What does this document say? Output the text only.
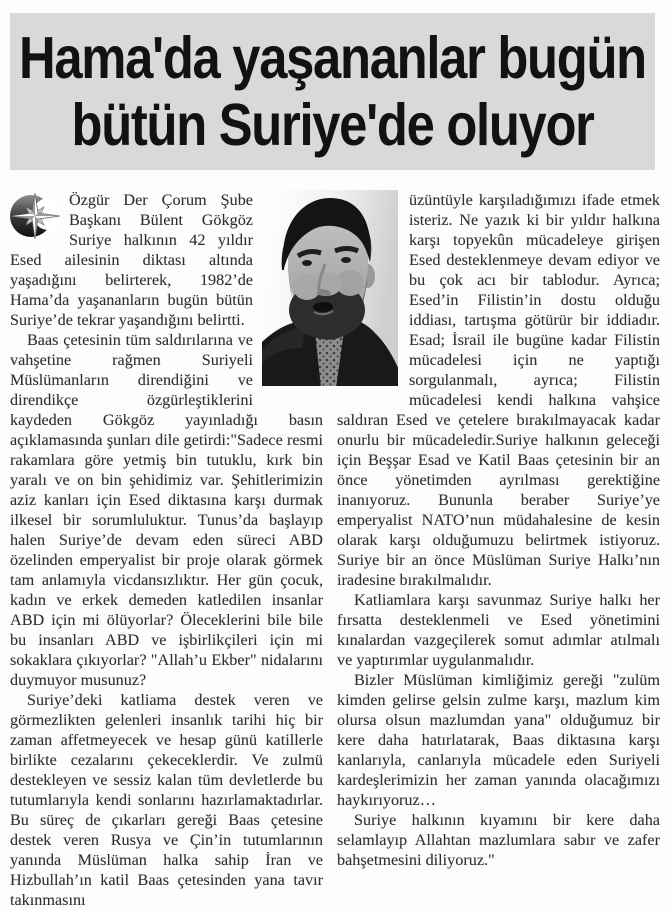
Hama'da yaşananlar bugün
bütün Suriye'de oluyor
Özgür Der Çorum Şube Başkanı Bülent Gökgöz Suriye halkının 42 yıldır Esed ailesinin diktası altında yaşadığını belirterek, 1982’de Hama’da yaşananların bugün bütün Suriye’de tekrar yaşandığını belirtti.
Baas çetesinin tüm saldırılarına ve vahşetine rağmen Suriyeli Müslümanların direndiğini ve direndikçe özgürleştiklerini kaydeden Gökgöz yayınladığı basın açıklamasında şunları dile getirdi:"Sadece resmi rakamlara göre yetmiş bin tutuklu, kırk bin yaralı ve on bin şehidimiz var. Şehitlerimizin aziz kanları için Esed diktasına karşı durmak ilkesel bir sorumluluktur. Tunus’da başlayıp halen Suriye’de devam eden süreci ABD özelinden emperyalist bir proje olarak görmek tam anlamıyla vicdansızlıktır. Her gün çocuk, kadın ve erkek demeden katledilen insanlar ABD için mi ölüyorlar? Öleceklerini bile bile bu insanları ABD ve işbirlikçileri için mi sokaklara çıkıyorlar? "Allah’u Ekber" nidalarını duymuyor musunuz?
Suriye’deki katliama destek veren ve görmezlikten gelenleri insanlık tarihi hiç bir zaman affetmeyecek ve hesap günü katillerle birlikte cezalarını çekeceklerdir. Ve zulmü destekleyen ve sessiz kalan tüm devletlerde bu tutumlarıyla kendi sonlarını hazırlamaktadırlar. Bu süreç de çıkarları gereği Baas çetesine destek veren Rusya ve Çin’in tutumlarının yanında Müslüman halka sahip İran ve Hizbullah’ın katil Baas çetesinden yana tavır takınmasını
üzüntüyle karşıladığımızı ifade etmek isteriz. Ne yazık ki bir yıldır halkına karşı topyekûn mücadeleye girişen Esed desteklenmeye devam ediyor ve bu çok acı bir tablodur. Ayrıca; Esed’in Filistin’in dostu olduğu iddiası, tartışma götürür bir iddiadır. Esad; İsrail ile bugüne kadar Filistin mücadelesi için ne yaptığı sorgulanmalı, ayrıca; Filistin mücadelesi kendi halkına vahşice saldıran Esed ve çetelere bırakılmayacak kadar onurlu bir mücadeledir.Suriye halkının geleceği için Beşşar Esad ve Katil Baas çetesinin bir an önce yönetimden ayrılması gerektiğine inanıyoruz. Bununla beraber Suriye’ye emperyalist NATO’nun müdahalesine de kesin olarak karşı olduğumuzu belirtmek istiyoruz. Suriye bir an önce Müslüman Suriye Halkı’nın iradesine bırakılmalıdır.
Katliamlara karşı savunmaz Suriye halkı her fırsatta desteklenmeli ve Esed yönetimini kınalardan vazgeçilerek somut adımlar atılmalı ve yaptırımlar uygulanmalıdır.
Bizler Müslüman kimliğimiz gereği "zulüm kimden gelirse gelsin zulme karşı, mazlum kim olursa olsun mazlumdan yana" olduğumuz bir kere daha hatırlatarak, Baas diktasına karşı kanlarıyla, canlarıyla mücadele eden Suriyeli kardeşlerimizin her zaman yanında olacağımızı haykırıyoruz…
Suriye halkının kıyamını bir kere daha selamlayıp Allahtan mazlumlara sabır ve zafer bahşetmesini diliyoruz."
